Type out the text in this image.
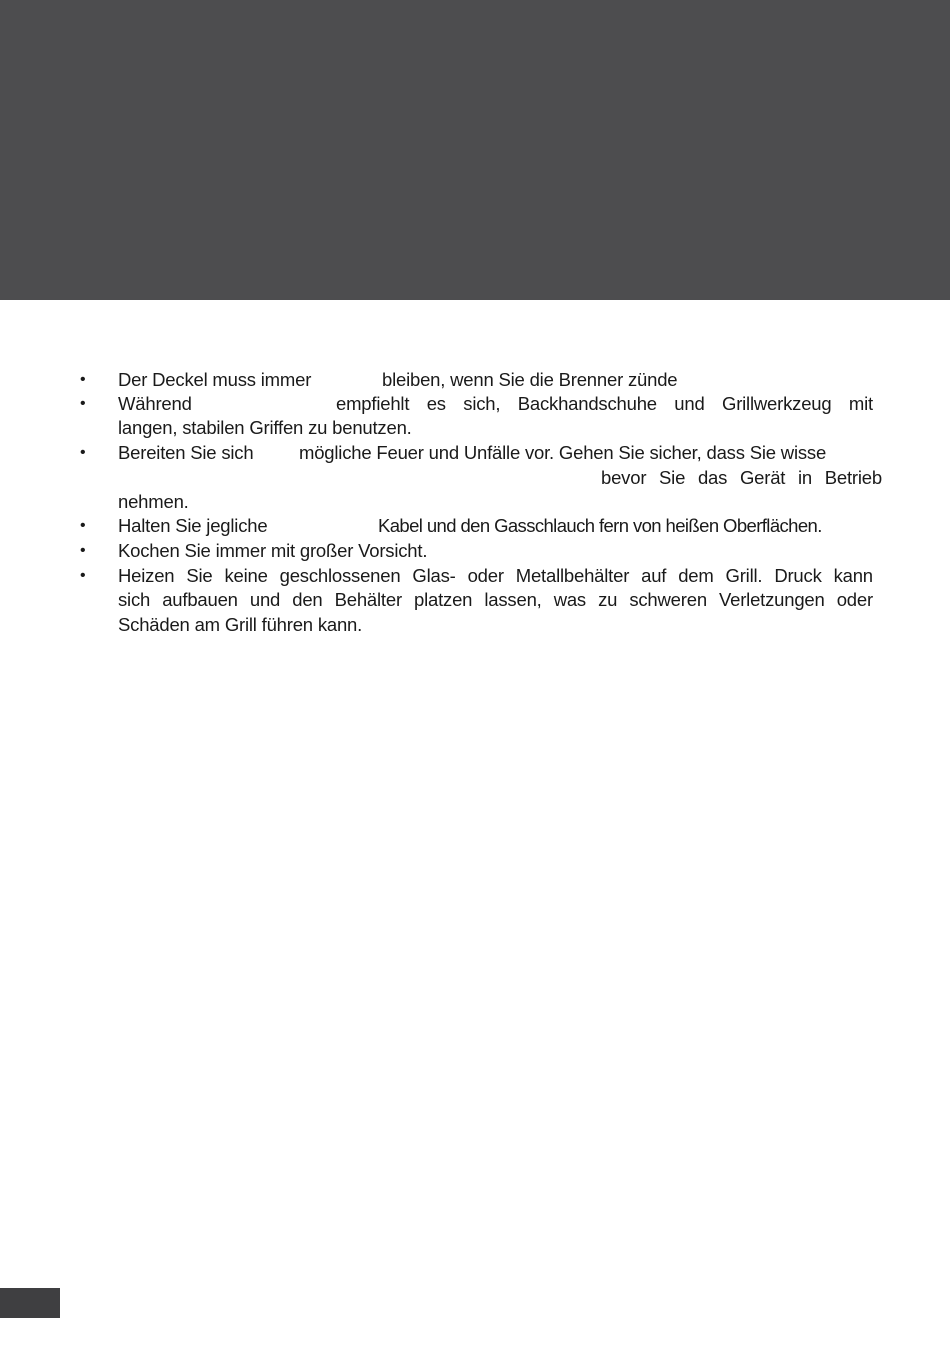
• Der Deckel muss immer	bleiben, wenn Sie die Brenner zünde
• Während	empfiehlt es sich, Backhandschuhe und Grillwerkzeug mit
langen, stabilen Griffen zu benutzen.
• Bereiten Sie sich mögliche Feuer und Unfälle vor. Gehen Sie sicher, dass Sie wisse
bevor Sie das Gerät in Betrieb
nehmen.
• Halten Sie jegliche	Kabel und den Gasschlauch fern von heißen Oberflächen.
• Kochen Sie immer mit großer Vorsicht.
• Heizen Sie keine geschlossenen Glas- oder Metallbehälter auf dem Grill. Druck kann
sich aufbauen und den Behälter platzen lassen, was zu schweren Verletzungen oder
Schäden am Grill führen kann.
